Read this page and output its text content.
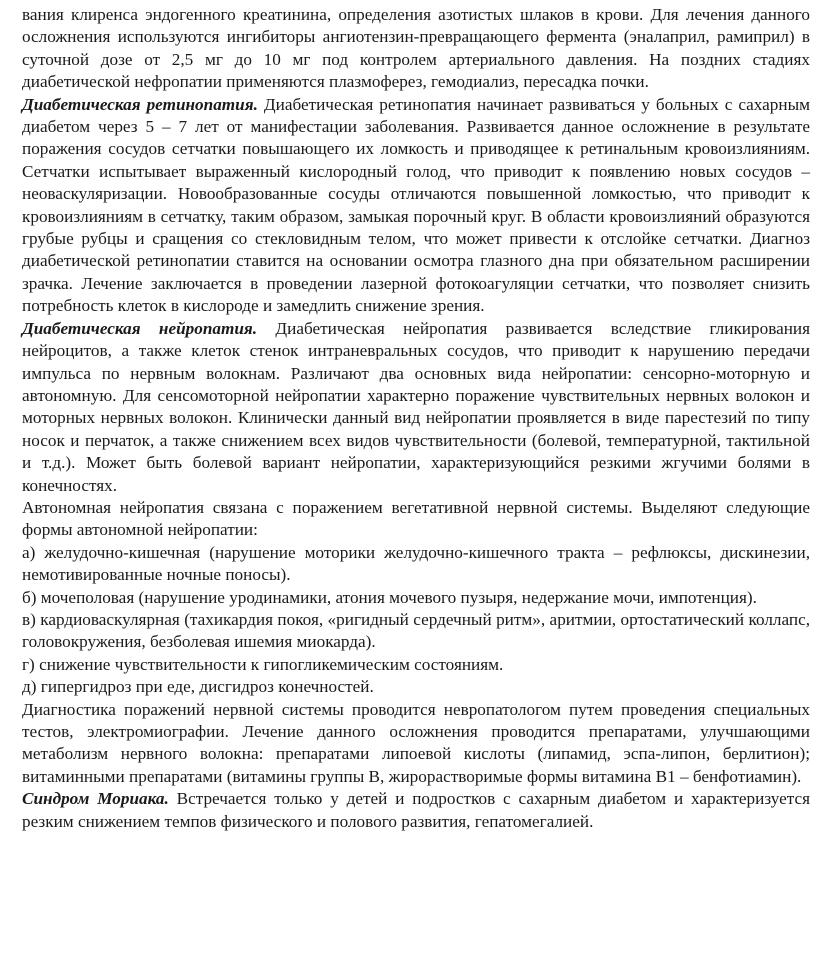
вания клиренса эндогенного креатинина, определения азотистых шлаков в крови. Для лечения данного осложнения используются ингибиторы ангиотензин-превращающего фермента (эналаприл, рамиприл) в суточной дозе от 2,5 мг до 10 мг под контролем артериального давления. На поздних стадиях диабетической нефропатии применяются плазмоферез, гемодиализ, пересадка почки.

Диабетическая ретинопатия. Диабетическая ретинопатия начинает развиваться у больных с сахарным диабетом через 5 – 7 лет от манифестации заболевания. Развивается данное осложнение в результате поражения сосудов сетчатки повышающего их ломкость и приводящее к ретинальным кровоизлияниям. Сетчатки испытывает выраженный кислородный голод, что приводит к появлению новых сосудов – неоваскуляризации. Новообразованные сосуды отличаются повышенной ломкостью, что приводит к кровоизлияниям в сетчатку, таким образом, замыкая порочный круг. В области кровоизлияний образуются грубые рубцы и сращения со стекловидным телом, что может привести к отслойке сетчатки. Диагноз диабетической ретинопатии ставится на основании осмотра глазного дна при обязательном расширении зрачка. Лечение заключается в проведении лазерной фотокоагуляции сетчатки, что позволяет снизить потребность клеток в кислороде и замедлить снижение зрения.

Диабетическая нейропатия. Диабетическая нейропатия развивается вследствие гликирования нейроцитов, а также клеток стенок интраневральных сосудов, что приводит к нарушению передачи импульса по нервным волокнам. Различают два основных вида нейропатии: сенсорно-моторную и автономную. Для сенсомоторной нейропатии характерно поражение чувствительных нервных волокон и моторных нервных волокон. Клинически данный вид нейропатии проявляется в виде парестезий по типу носок и перчаток, а также снижением всех видов чувствительности (болевой, температурной, тактильной и т.д.). Может быть болевой вариант нейропатии, характеризующийся резкими жгучими болями в конечностях.

Автономная нейропатия связана с поражением вегетативной нервной системы. Выделяют следующие формы автономной нейропатии:

а) желудочно-кишечная (нарушение моторики желудочно-кишечного тракта – рефлюксы, дискинезии, немотивированные ночные поносы).

б) мочеполовая (нарушение уродинамики, атония мочевого пузыря, недержание мочи, импотенция).

в) кардиоваскулярная (тахикардия покоя, «ригидный сердечный ритм», аритмии, ортостатический коллапс, головокружения, безболевая ишемия миокарда).

г) снижение чувствительности к гипогликемическим состояниям.

д) гипергидроз при еде, дисгидроз конечностей.

Диагностика поражений нервной системы проводится невропатологом путем проведения специальных тестов, электромиографии. Лечение данного осложнения проводится препаратами, улучшающими метаболизм нервного волокна: препаратами липоевой кислоты (липамид, эспа-липон, берлитион); витаминными препаратами (витамины группы В, жирорастворимые формы витамина В1 – бенфотиамин).

Синдром Мориака. Встречается только у детей и подростков с сахарным диабетом и характеризуется резким снижением темпов физического и полового развития, гепатомегалией.
